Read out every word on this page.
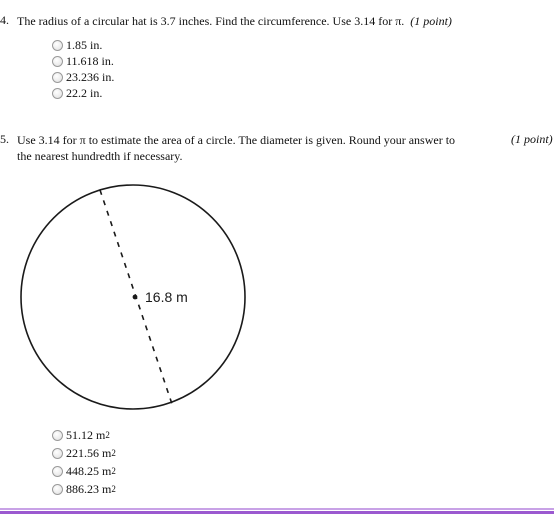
4. The radius of a circular hat is 3.7 inches. Find the circumference. Use 3.14 for π. (1 point)
1.85 in.
11.618 in.
23.236 in.
22.2 in.
5. Use 3.14 for π to estimate the area of a circle. The diameter is given. Round your answer to
the nearest hundredth if necessary.
(1 point)
16.8 m
51.12 m 2
221.56 m 2
448.25 m 2
886.23 m 2
